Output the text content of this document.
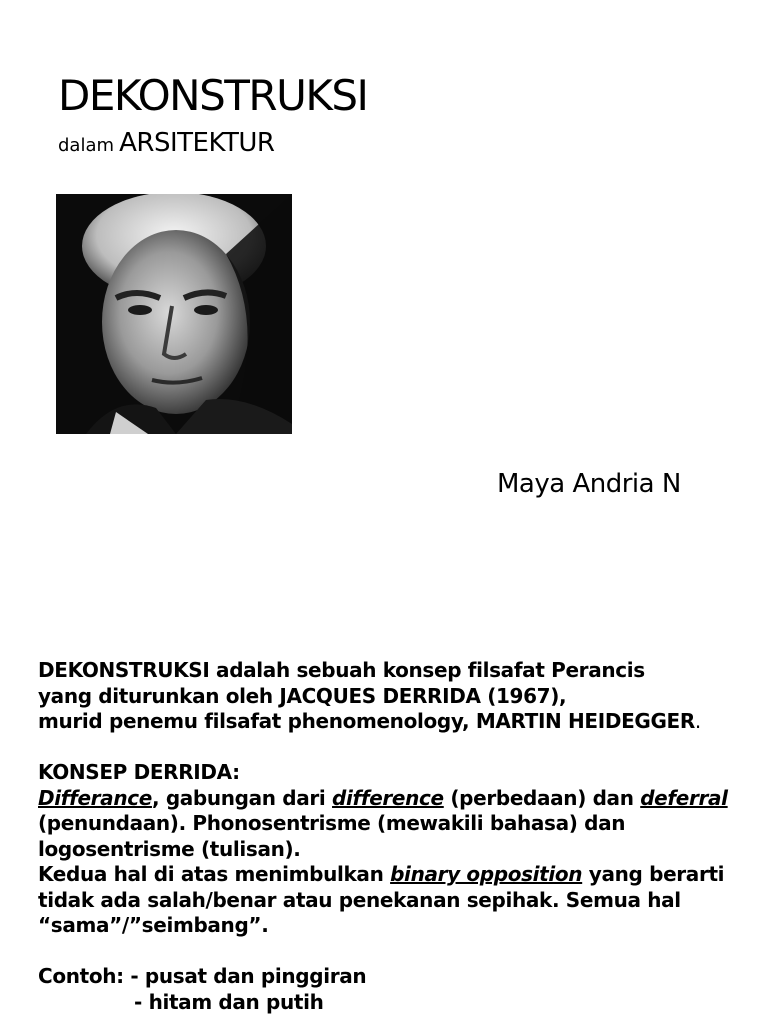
DEKONSTRUKSI
dalam ARSITEKTUR
Maya Andria N

DEKONSTRUKSI adalah sebuah konsep filsafat Perancis

yang diturunkan oleh JACQUES DERRIDA (1967),

murid penemu filsafat phenomenology, MARTIN HEIDEGGER.

KONSEP DERRIDA:

Differance, gabungan dari difference (perbedaan) dan deferral

(penundaan). Phonosentrisme (mewakili bahasa) dan

logosentrisme (tulisan).

Kedua hal di atas menimbulkan binary opposition yang berarti

tidak ada salah/benar atau penekanan sepihak. Semua hal

“sama”/”seimbang”.

Contoh: - pusat dan pinggiran

- hitam dan putih
